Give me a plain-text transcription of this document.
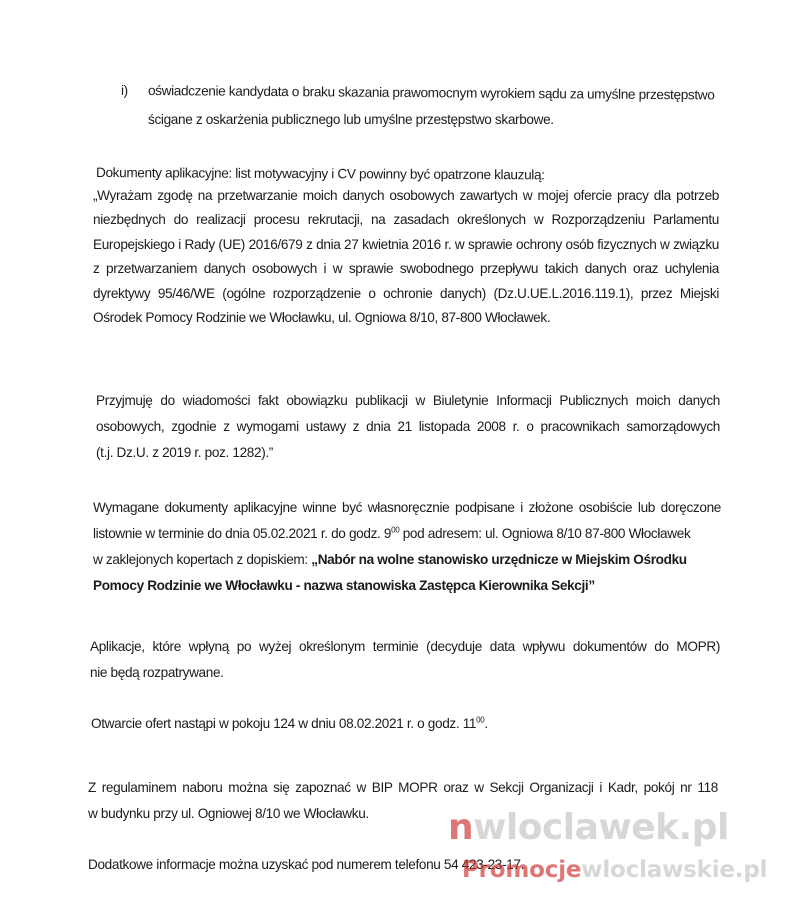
i) oświadczenie kandydata o braku skazania prawomocnym wyrokiem sądu za umyślne przestępstwo
ścigane z oskarżenia publicznego lub umyślne przestępstwo skarbowe.
Dokumenty aplikacyjne: list motywacyjny i CV powinny być opatrzone klauzulą:
„Wyrażam zgodę na przetwarzanie moich danych osobowych zawartych w mojej ofercie pracy dla potrzeb
niezbędnych do realizacji procesu rekrutacji, na zasadach określonych w Rozporządzeniu Parlamentu
Europejskiego i Rady (UE) 2016/679 z dnia 27 kwietnia 2016 r. w sprawie ochrony osób fizycznych w związku
z przetwarzaniem danych osobowych i w sprawie swobodnego przepływu takich danych oraz uchylenia
dyrektywy 95/46/WE (ogólne rozporządzenie o ochronie danych) (Dz.U.UE.L.2016.119.1), przez Miejski
Ośrodek Pomocy Rodzinie we Włocławku, ul. Ogniowa 8/10, 87-800 Włocławek.
Przyjmuję do wiadomości fakt obowiązku publikacji w Biuletynie Informacji Publicznych moich danych
osobowych, zgodnie z wymogami ustawy z dnia 21 listopada 2008 r. o pracownikach samorządowych
(t.j. Dz.U. z 2019 r. poz. 1282).”
Wymagane dokumenty aplikacyjne winne być własnoręcznie podpisane i złożone osobiście lub doręczone
listownie w terminie do dnia 05.02.2021 r. do godz. $9^{00}$ pod adresem: ul. Ogniowa 8/10 87-800 Włocławek
w zaklejonych kopertach z dopiskiem: „Nabór na wolne stanowisko urzędnicze w Miejskim Ośrodku
Pomocy Rodzinie we Włocławku - nazwa stanowiska Zastępca Kierownika Sekcji”
Aplikacje, które wpłyną po wyżej określonym terminie (decyduje data wpływu dokumentów do MOPR)
nie będą rozpatrywane.
Otwarcie ofert nastąpi w pokoju 124 w dniu 08.02.2021 r. o godz. $11^{00}$.
Z regulaminem naboru można się zapoznać w BIP MOPR oraz w Sekcji Organizacji i Kadr, pokój nr 118
w budynku przy ul. Ogniowej 8/10 we Włocławku.
Dodatkowe informacje można uzyskać pod numerem telefonu 54 423-23-17.
nwloclawek.pl
Promocjewloclawskie.pl
